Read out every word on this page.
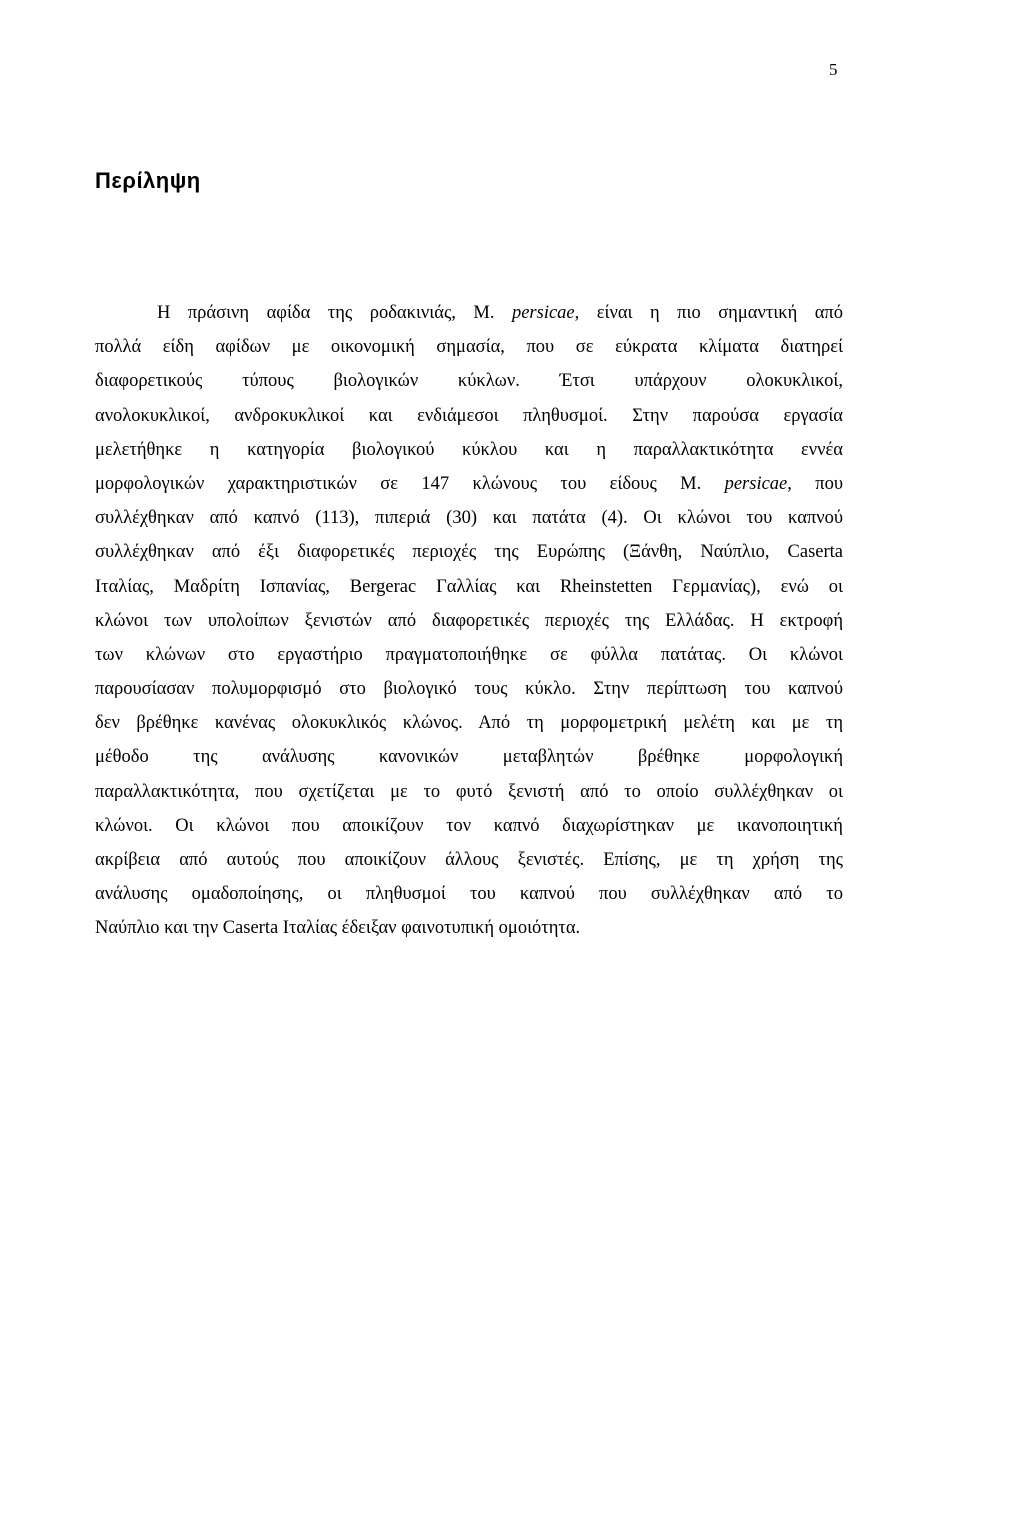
5
Περίληψη
Η πράσινη αφίδα της ροδακινιάς, Μ. persicae, είναι η πιο σημαντική από
πολλά είδη αφίδων με οικονομική σημασία, που σε εύκρατα κλίματα διατηρεί
διαφορετικούς τύπους βιολογικών κύκλων. Έτσι υπάρχουν ολοκυκλικοί,
ανολοκυκλικοί, ανδροκυκλικοί και ενδιάμεσοι πληθυσμοί. Στην παρούσα εργασία
μελετήθηκε η κατηγορία βιολογικού κύκλου και η παραλλακτικότητα εννέα
μορφολογικών χαρακτηριστικών σε 147 κλώνους του είδους Μ. persicae, που
συλλέχθηκαν από καπνό (113), πιπεριά (30) και πατάτα (4). Οι κλώνοι του καπνού
συλλέχθηκαν από έξι διαφορετικές περιοχές της Ευρώπης (Ξάνθη, Ναύπλιο, Caserta
Ιταλίας, Μαδρίτη Ισπανίας, Bergerac Γαλλίας και Rheinstetten Γερμανίας), ενώ οι
κλώνοι των υπολοίπων ξενιστών από διαφορετικές περιοχές της Ελλάδας. Η εκτροφή
των κλώνων στο εργαστήριο πραγματοποιήθηκε σε φύλλα πατάτας. Οι κλώνοι
παρουσίασαν πολυμορφισμό στο βιολογικό τους κύκλο. Στην περίπτωση του καπνού
δεν βρέθηκε κανένας ολοκυκλικός κλώνος. Από τη μορφομετρική μελέτη και με τη
μέθοδο της ανάλυσης κανονικών μεταβλητών βρέθηκε μορφολογική
παραλλακτικότητα, που σχετίζεται με το φυτό ξενιστή από το οποίο συλλέχθηκαν οι
κλώνοι. Οι κλώνοι που αποικίζουν τον καπνό διαχωρίστηκαν με ικανοποιητική
ακρίβεια από αυτούς που αποικίζουν άλλους ξενιστές. Επίσης, με τη χρήση της
ανάλυσης ομαδοποίησης, οι πληθυσμοί του καπνού που συλλέχθηκαν από το
Ναύπλιο και την Caserta Ιταλίας έδειξαν φαινοτυπική ομοιότητα.
